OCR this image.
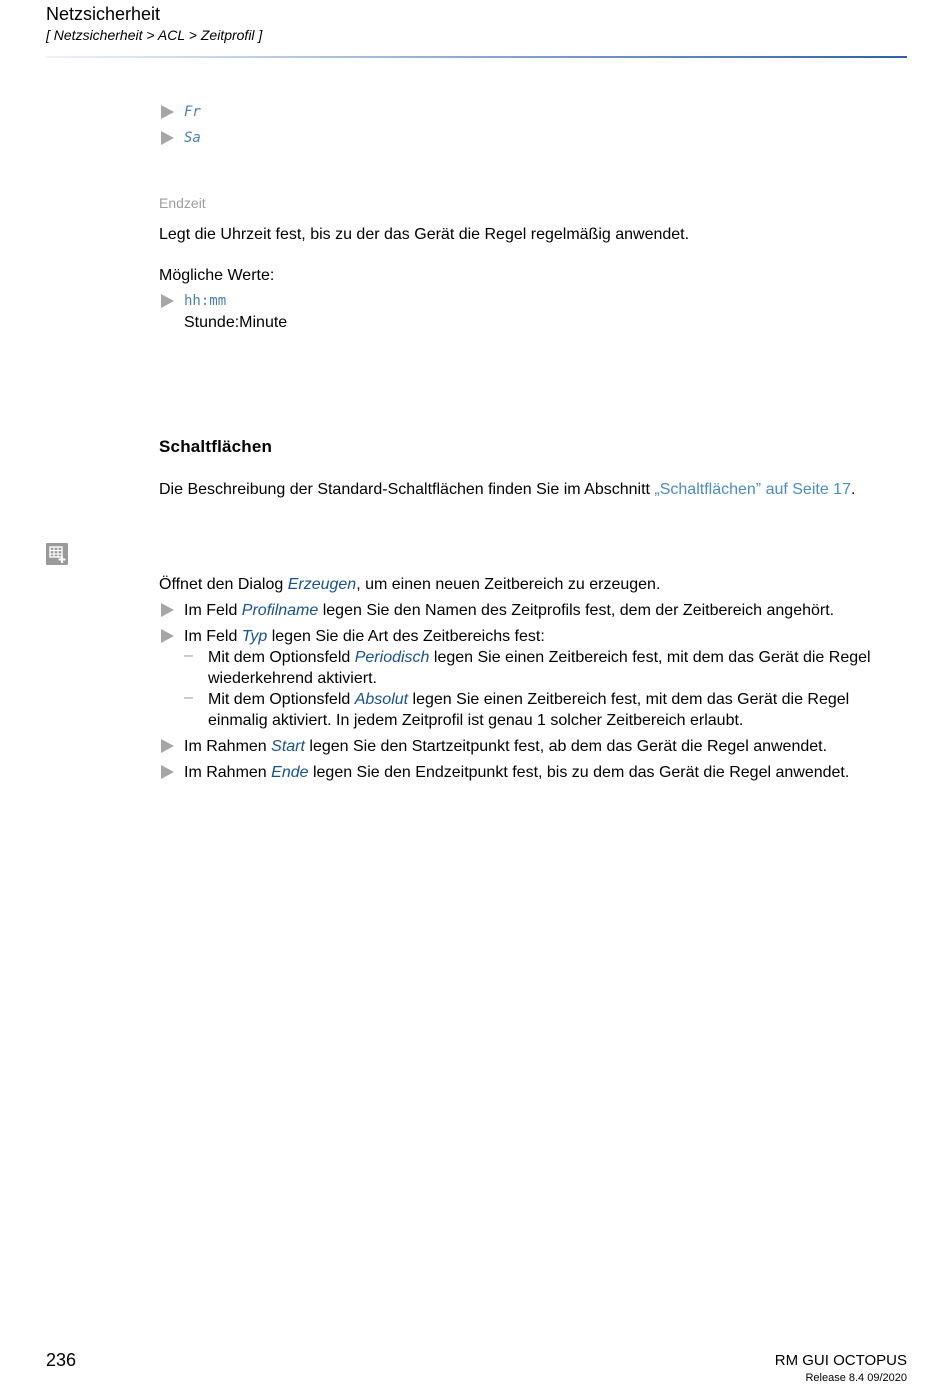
Netzsicherheit
[ Netzsicherheit > ACL > Zeitprofil ]
Fr
Sa
Endzeit
Legt die Uhrzeit fest, bis zu der das Gerät die Regel regelmäßig anwendet.
Mögliche Werte:
hh:mm
Stunde:Minute
Schaltflächen
Die Beschreibung der Standard-Schaltflächen finden Sie im Abschnitt „Schaltflächen” auf Seite 17.
Öffnet den Dialog Erzeugen, um einen neuen Zeitbereich zu erzeugen.
Im Feld Profilname legen Sie den Namen des Zeitprofils fest, dem der Zeitbereich angehört.
Im Feld Typ legen Sie die Art des Zeitbereichs fest:
– Mit dem Optionsfeld Periodisch legen Sie einen Zeitbereich fest, mit dem das Gerät die Regel
wiederkehrend aktiviert.
– Mit dem Optionsfeld Absolut legen Sie einen Zeitbereich fest, mit dem das Gerät die Regel
einmalig aktiviert. In jedem Zeitprofil ist genau 1 solcher Zeitbereich erlaubt.
Im Rahmen Start legen Sie den Startzeitpunkt fest, ab dem das Gerät die Regel anwendet.
Im Rahmen Ende legen Sie den Endzeitpunkt fest, bis zu dem das Gerät die Regel anwendet.
236	RM GUI OCTOPUS
Release 8.4 09/2020
